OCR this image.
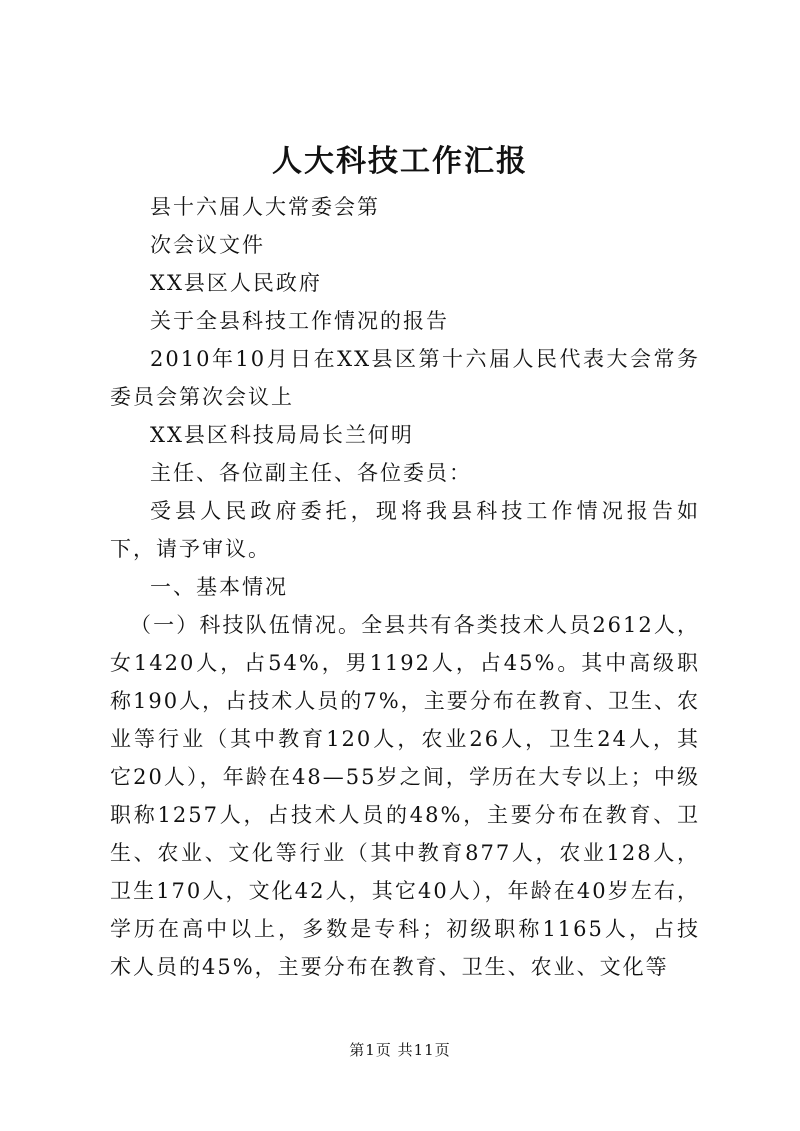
人大科技工作汇报

县十六届人大常委会第

次会议文件

XX县区人民政府

关于全县科技工作情况的报告

2010年10月日在XX县区第十六届人民代表大会常务委员会第次会议上

XX县区科技局局长兰何明

主任、各位副主任、各位委员：

受县人民政府委托，现将我县科技工作情况报告如下，请予审议。

一、基本情况

（一）科技队伍情况。全县共有各类技术人员2612人，女1420人，占54%，男1192人，占45%。其中高级职称190人，占技术人员的7%，主要分布在教育、卫生、农业等行业（其中教育120人，农业26人，卫生24人，其它20人），年龄在48—55岁之间，学历在大专以上；中级职称1257人，占技术人员的48%，主要分布在教育、卫生、农业、文化等行业（其中教育877人，农业128人，卫生170人，文化42人，其它40人），年龄在40岁左右，学历在高中以上，多数是专科；初级职称1165人，占技术人员的45%，主要分布在教育、卫生、农业、文化等

第1页 共11页
